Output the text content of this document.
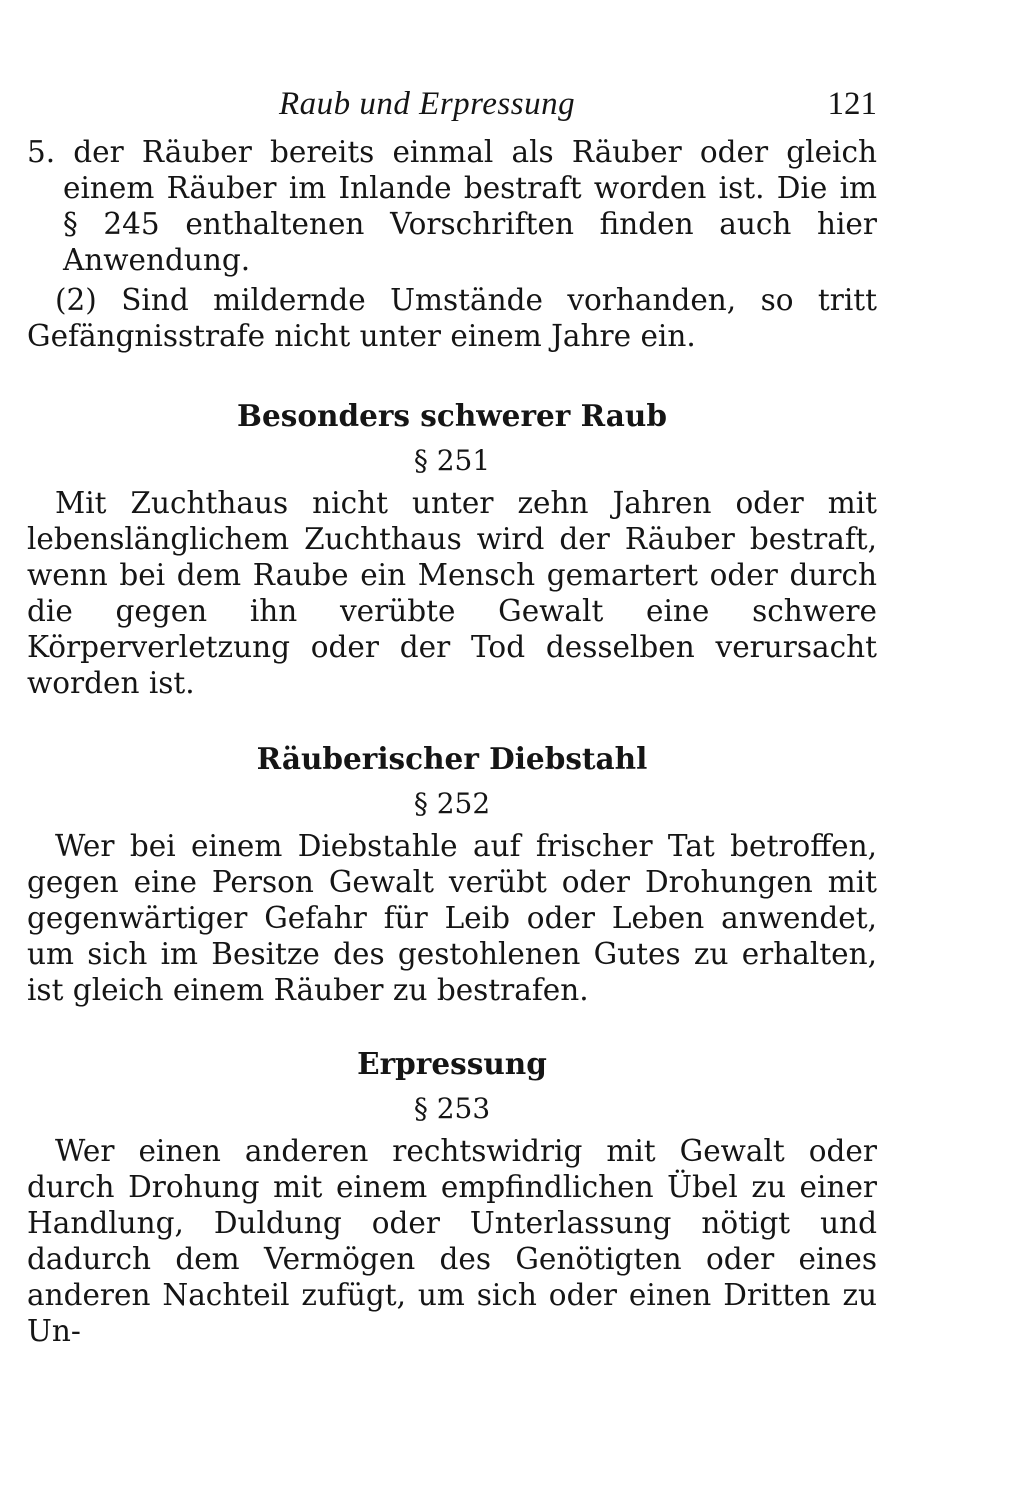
Raub und Erpressung	121

5. der Räuber bereits einmal als Räuber oder gleich einem Räuber im Inlande bestraft worden ist. Die im § 245 enthaltenen Vorschriften finden auch hier Anwendung.

(2) Sind mildernde Umstände vorhanden, so tritt Gefängnisstrafe nicht unter einem Jahre ein.

Besonders schwerer Raub
§ 251

Mit Zuchthaus nicht unter zehn Jahren oder mit lebenslänglichem Zuchthaus wird der Räuber bestraft, wenn bei dem Raube ein Mensch gemartert oder durch die gegen ihn verübte Gewalt eine schwere Körperverletzung oder der Tod desselben verursacht worden ist.

Räuberischer Diebstahl
§ 252

Wer bei einem Diebstahle auf frischer Tat betroffen, gegen eine Person Gewalt verübt oder Drohungen mit gegenwärtiger Gefahr für Leib oder Leben anwendet, um sich im Besitze des gestohlenen Gutes zu erhalten, ist gleich einem Räuber zu bestrafen.

Erpressung
§ 253

Wer einen anderen rechtswidrig mit Gewalt oder durch Drohung mit einem empfindlichen Übel zu einer Handlung, Duldung oder Unterlassung nötigt und dadurch dem Vermögen des Genötigten oder eines anderen Nachteil zufügt, um sich oder einen Dritten zu Un-
